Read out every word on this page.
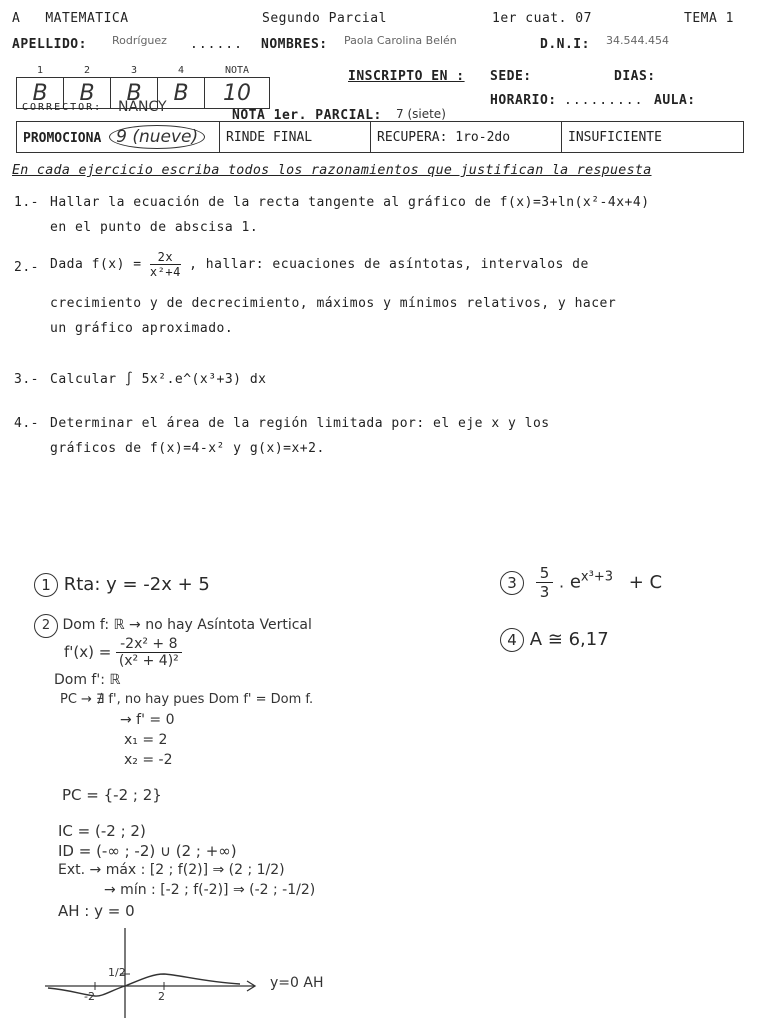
A MATEMATICA	Segundo Parcial	1er cuat. 07	TEMA 1
APELLIDO: Rodríguez ...... NOMBRES: Paola Carolina Belén	D.N.I: 34.544.454
1	2	3	4	NOTA
B	B	B	B	10
INSCRIPTO EN : SEDE:	DIAS:
HORARIO: ......... AULA:
CORRECTOR: NANCY
NOTA 1er. PARCIAL: 7 (siete)
PROMOCIONA 9 (nueve)	RINDE FINAL	RECUPERA: 1ro-2do	INSUFICIENTE
En cada ejercicio escriba todos los razonamientos que justifican la respuesta
1.- Hallar la ecuación de la recta tangente al gráfico de f(x)=3+ln(x²-4x+4)
en el punto de abscisa 1.
2.- Dada $f(x) = \frac{2x}{\text{x²+4}}$ , hallar: ecuaciones de asíntotas, intervalos de
crecimiento y de decrecimiento, máximos y mínimos relativos, y hacer
un gráfico aproximado.
3.- Calcular ∫ 5x².e^(x³+3) dx
4.- Determinar el área de la región limitada por: el eje x y los
gráficos de f(x)=4-x² y g(x)=x+2.
1 Rta: y = -2x + 5
2 Dom f: ℝ → no hay Asíntota Vertical
$f'(x) = \frac{\text{-2x² + 8}}{\text{(x² + 4)²}}$
Dom f': ℝ
PC → ∄ f', no hay pues Dom f' = Dom f.
→ f' = 0
x₁ = 2
x₂ = -2
PC = {-2 ; 2}
IC = (-2 ; 2)
ID = (-∞ ; -2) ∪ (2 ; +∞)
Ext. → máx : [2 ; f(2)] ⇒ (2 ; 1/2)
→ mín : [-2 ; f(-2)] ⇒ (-2 ; -1/2)
AH : y = 0
1/2
-2	2
y=0 AH
$3 \frac{5}{3}$ . $e^{x^3+3} + C$
4 A ≅ 6,17
